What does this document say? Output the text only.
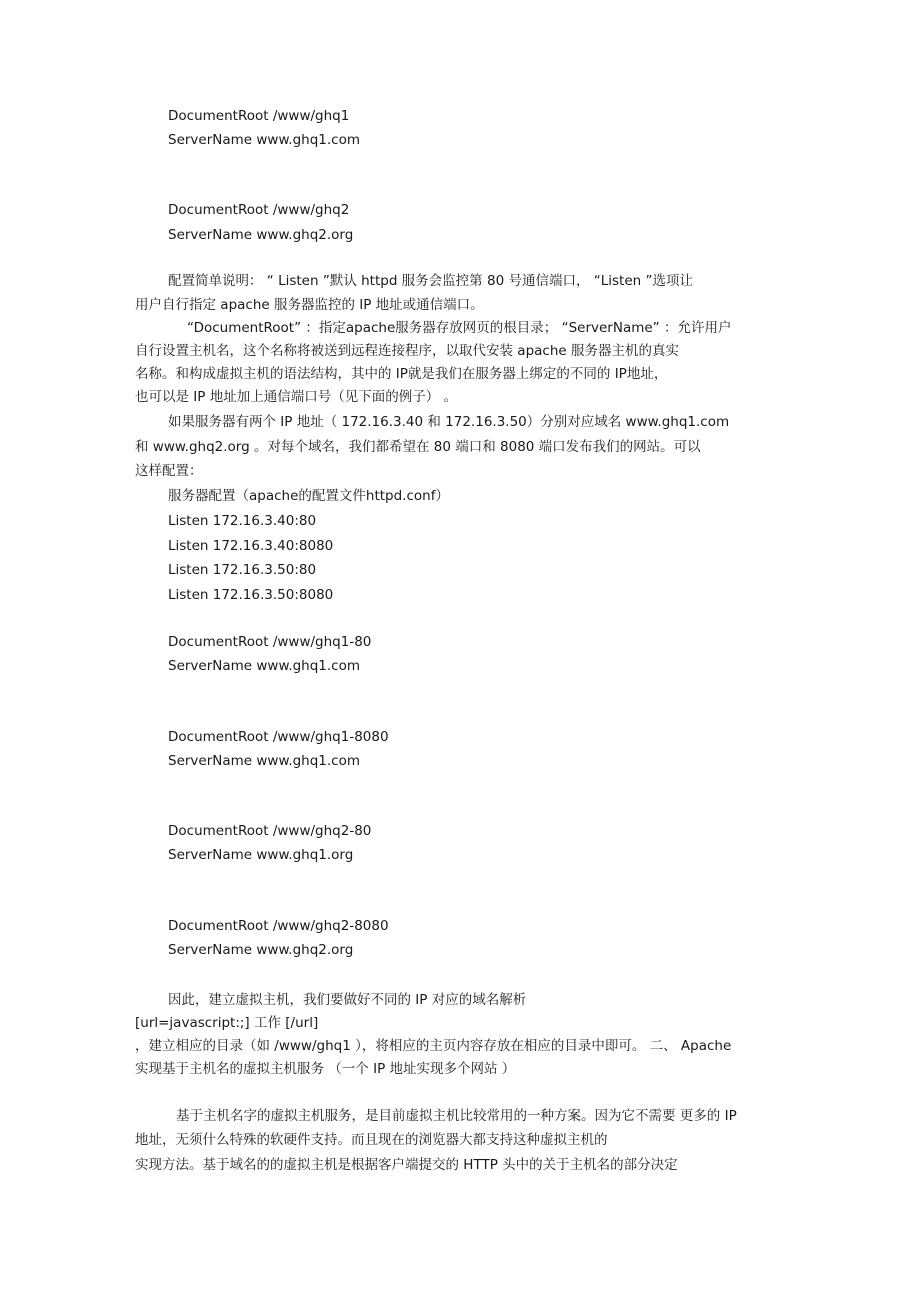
DocumentRoot /www/ghq1
ServerName www.ghq1.com
DocumentRoot /www/ghq2
ServerName www.ghq2.org
配置简单说明： “ Listen ”默认 httpd 服务会监控第 80 号通信端口， “Listen ”选项让
用户自行指定 apache 服务器监控的 IP 地址或通信端口。
“DocumentRoot” ：指定apache服务器存放网页的根目录； “ServerName” ：允许用户
自行设置主机名，这个名称将被送到远程连接程序，以取代安装 apache 服务器主机的真实
名称。和构成虚拟主机的语法结构，其中的 IP就是我们在服务器上绑定的不同的 IP地址，
也可以是 IP 地址加上通信端口号（见下面的例子） 。
如果服务器有两个 IP 地址（ 172.16.3.40 和 172.16.3.50）分别对应域名 www.ghq1.com
和 www.ghq2.org 。对每个域名，我们都希望在 80 端口和 8080 端口发布我们的网站。可以
这样配置：
服务器配置（apache的配置文件httpd.conf）
Listen 172.16.3.40:80
Listen 172.16.3.40:8080
Listen 172.16.3.50:80
Listen 172.16.3.50:8080
DocumentRoot /www/ghq1-80
ServerName www.ghq1.com
DocumentRoot /www/ghq1-8080
ServerName www.ghq1.com
DocumentRoot /www/ghq2-80
ServerName www.ghq1.org
DocumentRoot /www/ghq2-8080
ServerName www.ghq2.org
因此，建立虚拟主机，我们要做好不同的 IP 对应的域名解析
[url=javascript:;] 工作 [/url]
，建立相应的目录（如 /www/ghq1 ），将相应的主页内容存放在相应的目录中即可。 二、 Apache
实现基于主机名的虚拟主机服务 （一个 IP 地址实现多个网站 ）
基于主机名字的虚拟主机服务，是目前虚拟主机比较常用的一种方案。因为它不需要 更多的 IP
地址，无须什么特殊的软硬件支持。而且现在的浏览器大都支持这种虚拟主机的
实现方法。基于域名的的虚拟主机是根据客户端提交的 HTTP 头中的关于主机名的部分决定
